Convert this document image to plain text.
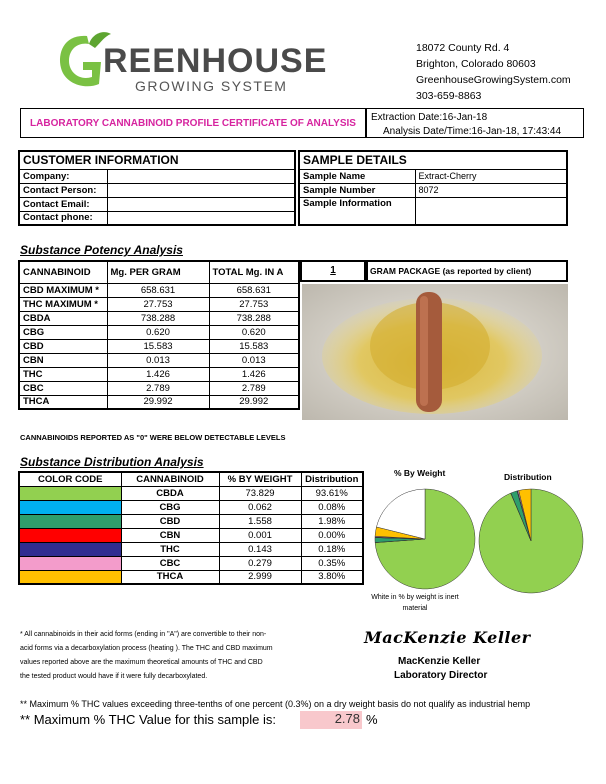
REENHOUSE
GROWING SYSTEM
18072 County Rd. 4
Brighton, Colorado 80603
GreenhouseGrowingSystem.com
303-659-8863
LABORATORY CANNABINOID PROFILE CERTIFICATE OF ANALYSIS	Extraction Date:16-Jan-18
Analysis Date/Time:16-Jan-18, 17:43:44
CUSTOMER INFORMATION	
Company:	
Contact Person:	
Contact Email:	
Contact phone:	
SAMPLE DETAILS	
Sample Name	Extract-Cherry
Sample Number	8072
Sample Information	

Substance Potency Analysis
CANNABINOID	Mg. PER GRAM	TOTAL Mg. IN A
CBD MAXIMUM *	658.631	658.631
THC MAXIMUM *	27.753	27.753
CBDA	738.288	738.288
CBG	0.620	0.620
CBD	15.583	15.583
CBN	0.013	0.013
THC	1.426	1.426
CBC	2.789	2.789
THCA	29.992	29.992
1	GRAM PACKAGE (as reported by client)
CANNABINOIDS REPORTED AS "0" WERE BELOW DETECTABLE LEVELS
Substance Distribution Analysis
COLOR CODE	CANNABINOID	% BY WEIGHT	Distribution
	CBDA	73.829	93.61%
	CBG	0.062	0.08%
	CBD	1.558	1.98%
	CBN	0.001	0.00%
	THC	0.143	0.18%
	CBC	0.279	0.35%
	THCA	2.999	3.80%
% By Weight	Distribution
White in % by weight is inert material
* All cannabinoids in their acid forms (ending in "A") are convertible to their non-
acid forms via a decarboxylation process (heating ). The THC and CBD maximum
values reported above are the maximum theoretical amounts of THC and CBD
the tested product would have if it were fully decarboxylated.
MacKenzie Keller
MacKenzie Keller
Laboratory Director
** Maximum % THC values exceeding three-tenths of one percent (0.3%) on a dry weight basis do not qualify as industrial hemp
** Maximum % THC Value for this sample is:	2.78 %
